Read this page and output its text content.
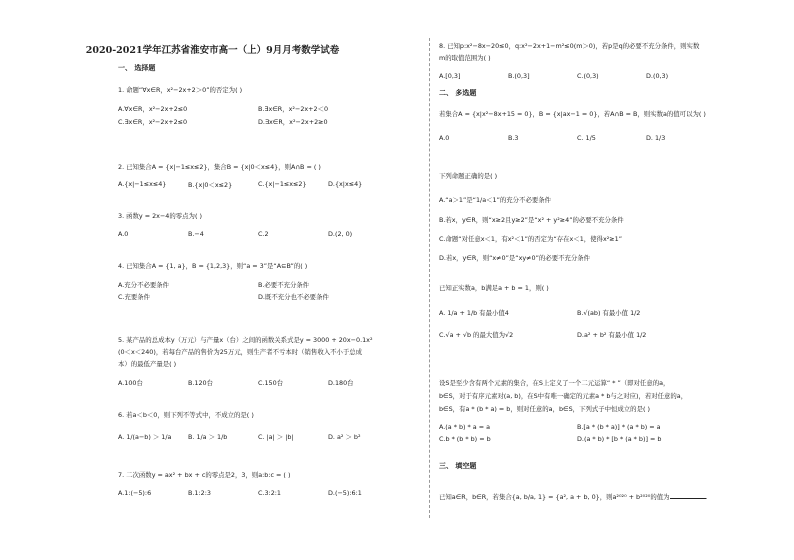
2020-2021学年江苏省淮安市高一（上）9月月考数学试卷
一、 选择题
1. 命题“∀x∈R，x²−2x+2＞0”的否定为( )
A.∀x∈R，x²−2x+2≤0	B.∃x∈R，x²−2x+2＜0
C.∃x∈R，x²−2x+2≤0	D.∃x∈R，x²−2x+2≥0
2. 已知集合A = {x|−1≤x≤2}，集合B = {x|0＜x≤4}，则A∩B = ( )
A.{x|−1≤x≤4}	B.{x|0＜x≤2}	C.{x|−1≤x≤2}	D.{x|x≤4}
3. 函数y = 2x−4的零点为( )
A.0	B.−4	C.2	D.(2, 0)
4. 已知集合A = {1, a}，B = {1,2,3}，则“a = 3”是“A⊆B”的( )
A.充分不必要条件	B.必要不充分条件
C.充要条件	D.既不充分也不必要条件
5. 某产品的总成本y（万元）与产量x（台）之间的函数关系式是y = 3000 + 20x−0.1x²
(0＜x＜240)，若每台产品的售价为25万元，则生产者不亏本时（销售收入不小于总成
本）的最低产量是( )
A.100台	B.120台	C.150台	D.180台
6. 若a＜b＜0，则下列不等式中，不成立的是( )
A. 1/(a−b) ＞ 1/a	B. 1/a ＞ 1/b	C. |a| ＞ |b|	D. a² ＞ b²
7. 二次函数y = ax² + bx + c的零点是2，3，则a:b:c = ( )
A.1:(−5):6	B.1:2:3	C.3:2:1	D.(−5):6:1
8. 已知p:x²−8x−20≤0，q:x²−2x+1−m²≤0(m＞0)，若p是q的必要不充分条件，则实数
m的取值范围为( )
A.[0,3]	B.(0,3]	C.(0,3)	D.(0,3)
二、 多选题
若集合A = {x|x²−8x+15 = 0}，B = {x|ax−1 = 0}，若A∩B = B，则实数a的值可以为( )
A.0	B.3	C. 1/5	D. 1/3
下列命题正确的是( )
A.“a＞1”是“1/a＜1”的充分不必要条件
B.若x，y∈R，则“x≥2且y≥2”是“x² + y²≥4”的必要不充分条件
C.命题“对任意x＜1，有x²＜1”的否定为“存在x＜1，使得x²≥1”
D.若x，y∈R，则“x≠0”是“xy≠0”的必要不充分条件
已知正实数a，b满足a + b = 1，则( )
A. 1/a + 1/b 有最小值4	B.√(ab) 有最小值 1/2
C.√a + √b 的最大值为√2	D.a² + b² 有最小值 1/2
设S是至少含有两个元素的集合，在S上定义了一个二元运算“ * ”（即对任意的a，
b∈S，对于有序元素对(a, b)，在S中有唯一确定的元素a * b与之对应)，若对任意的a，
b∈S，有a * (b * a) = b，则对任意的a，b∈S，下列式子中恒成立的是( )
A.(a * b) * a = a	B.[a * (b * a)] * (a * b) = a
C.b * (b * b) = b	D.(a * b) * [b * (a * b)] = b
三、 填空题
已知a∈R，b∈R，若集合{a, b/a, 1} = {a², a + b, 0}，则a²⁰²⁰ + b²⁰²⁰的值为	.
